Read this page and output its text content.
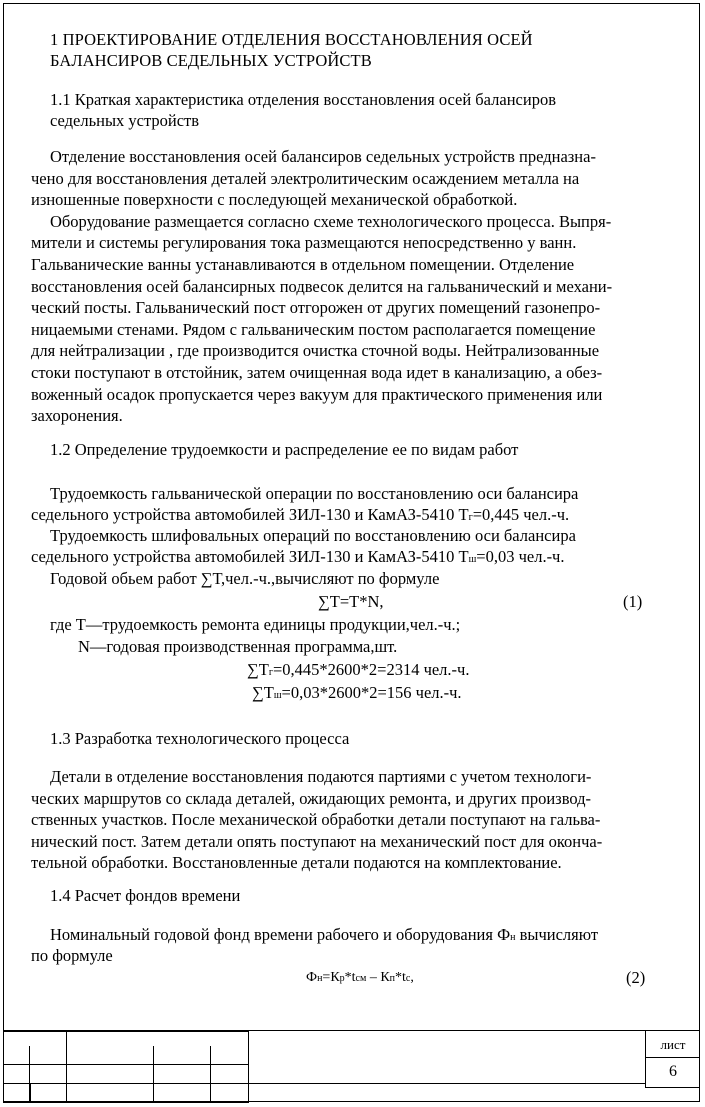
1 ПРОЕКТИРОВАНИЕ ОТДЕЛЕНИЯ ВОССТАНОВЛЕНИЯ ОСЕЙ
БАЛАНСИРОВ СЕДЕЛЬНЫХ УСТРОЙСТВ
1.1 Краткая характеристика отделения восстановления осей балансиров
седельных устройств
Отделение восстановления осей балансиров седельных устройств предназна-
чено для восстановления деталей электролитическим осаждением металла на
изношенные поверхности с последующей механической обработкой.
Оборудование размещается согласно схеме технологического процесса. Выпря-
мители и системы регулирования тока размещаются непосредственно у ванн.
Гальванические ванны устанавливаются в отдельном помещении. Отделение
восстановления осей балансирных подвесок делится на гальванический и механи-
ческий посты. Гальванический пост отгорожен от других помещений газонепро-
ницаемыми стенами. Рядом с гальваническим постом располагается помещение
для нейтрализации , где производится очистка сточной воды. Нейтрализованные
стоки поступают в отстойник, затем очищенная вода идет в канализацию, а обез-
воженный осадок пропускается через вакуум для практического применения или
захоронения.
1.2 Определение трудоемкости и распределение ее по видам работ
Трудоемкость гальванической операции по восстановлению оси балансира
седельного устройства автомобилей ЗИЛ-130 и КамАЗ-5410 Тг=0,445 чел.-ч.
Трудоемкость шлифовальных операций по восстановлению оси балансира
седельного устройства автомобилей ЗИЛ-130 и КамАЗ-5410 Тш=0,03 чел.-ч.
Годовой обьем работ ∑Т,чел.-ч.,вычисляют по формуле
∑Т=Т*N,	(1)
где Т—трудоемкость ремонта единицы продукции,чел.-ч.;
N—годовая производственная программа,шт.
∑Тг=0,445*2600*2=2314 чел.-ч.
∑Тш=0,03*2600*2=156 чел.-ч.
1.3 Разработка технологического процесса
Детали в отделение восстановления подаются партиями с учетом технологи-
ческих маршрутов со склада деталей, ожидающих ремонта, и других производ-
ственных участков. После механической обработки детали поступают на гальва-
нический пост. Затем детали опять поступают на механический пост для оконча-
тельной обработки. Восстановленные детали подаются на комплектование.
1.4 Расчет фондов времени
Номинальный годовой фонд времени рабочего и оборудования Фн вычисляют
по формуле
Фн=Кр*tсм – Кп*tс,	(2)
лист
6
